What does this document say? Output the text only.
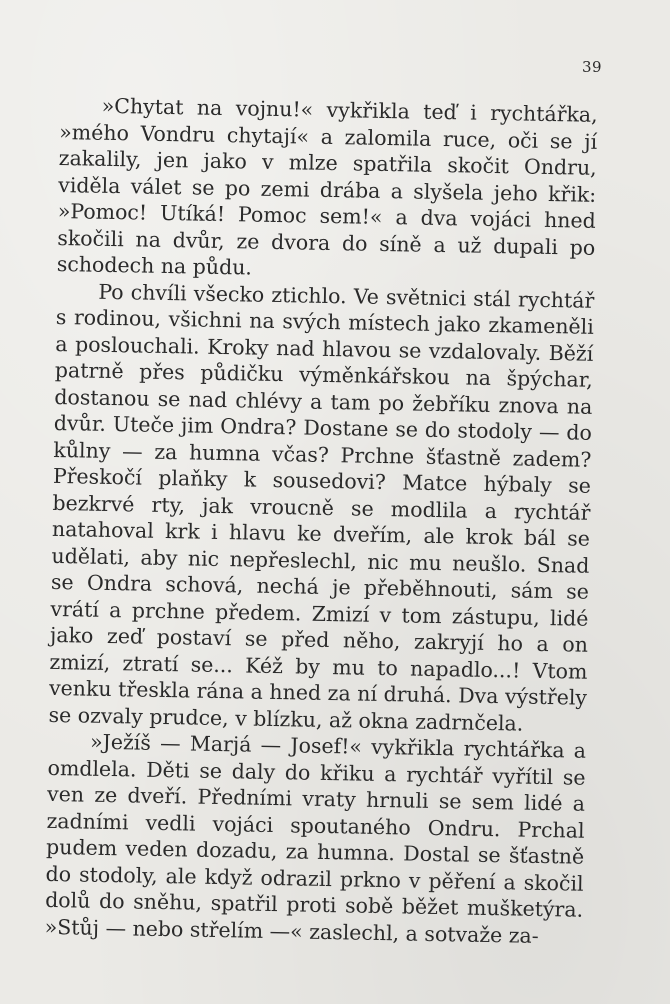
39

»Chytat na vojnu!« vykřikla teď i rychtářka, »mého Vondru chytají« a zalomila ruce, oči se jí zakalily, jen jako v mlze spatřila skočit Ondru, viděla válet se po zemi drába a slyšela jeho křik: »Pomoc! Utíká! Pomoc sem!« a dva vojáci hned skočili na dvůr, ze dvora do síně a už dupali po schodech na půdu.

Po chvíli všecko ztichlo. Ve světnici stál rychtář s rodinou, všichni na svých místech jako zkameněli a poslouchali. Kroky nad hlavou se vzdalovaly. Běží patrně přes půdičku výměnkářskou na špýchar, dostanou se nad chlévy a tam po žebříku znova na dvůr. Uteče jim Ondra? Dostane se do stodoly — do kůlny — za humna včas? Prchne šťastně zadem? Přeskočí plaňky k sousedovi? Matce hýbaly se bezkrvé rty, jak vroucně se modlila a rychtář natahoval krk i hlavu ke dveřím, ale krok bál se udělati, aby nic nepřeslechl, nic mu neušlo. Snad se Ondra schová, nechá je přeběhnouti, sám se vrátí a prchne předem. Zmizí v tom zástupu, lidé jako zeď postaví se před něho, zakryjí ho a on zmizí, ztratí se... Kéž by mu to napadlo...! Vtom venku třeskla rána a hned za ní druhá. Dva výstřely se ozvaly prudce, v blízku, až okna zadrnčela.

»Ježíš — Marjá — Josef!« vykřikla rychtářka a omdlela. Děti se daly do křiku a rychtář vyřítil se ven ze dveří. Předními vraty hrnuli se sem lidé a zadními vedli vojáci spoutaného Ondru. Prchal pudem veden dozadu, za humna. Dostal se šťastně do stodoly, ale když odrazil prkno v pěření a skočil dolů do sněhu, spatřil proti sobě běžet mušketýra. »Stůj — nebo střelím —« zaslechl, a sotvaže za-
